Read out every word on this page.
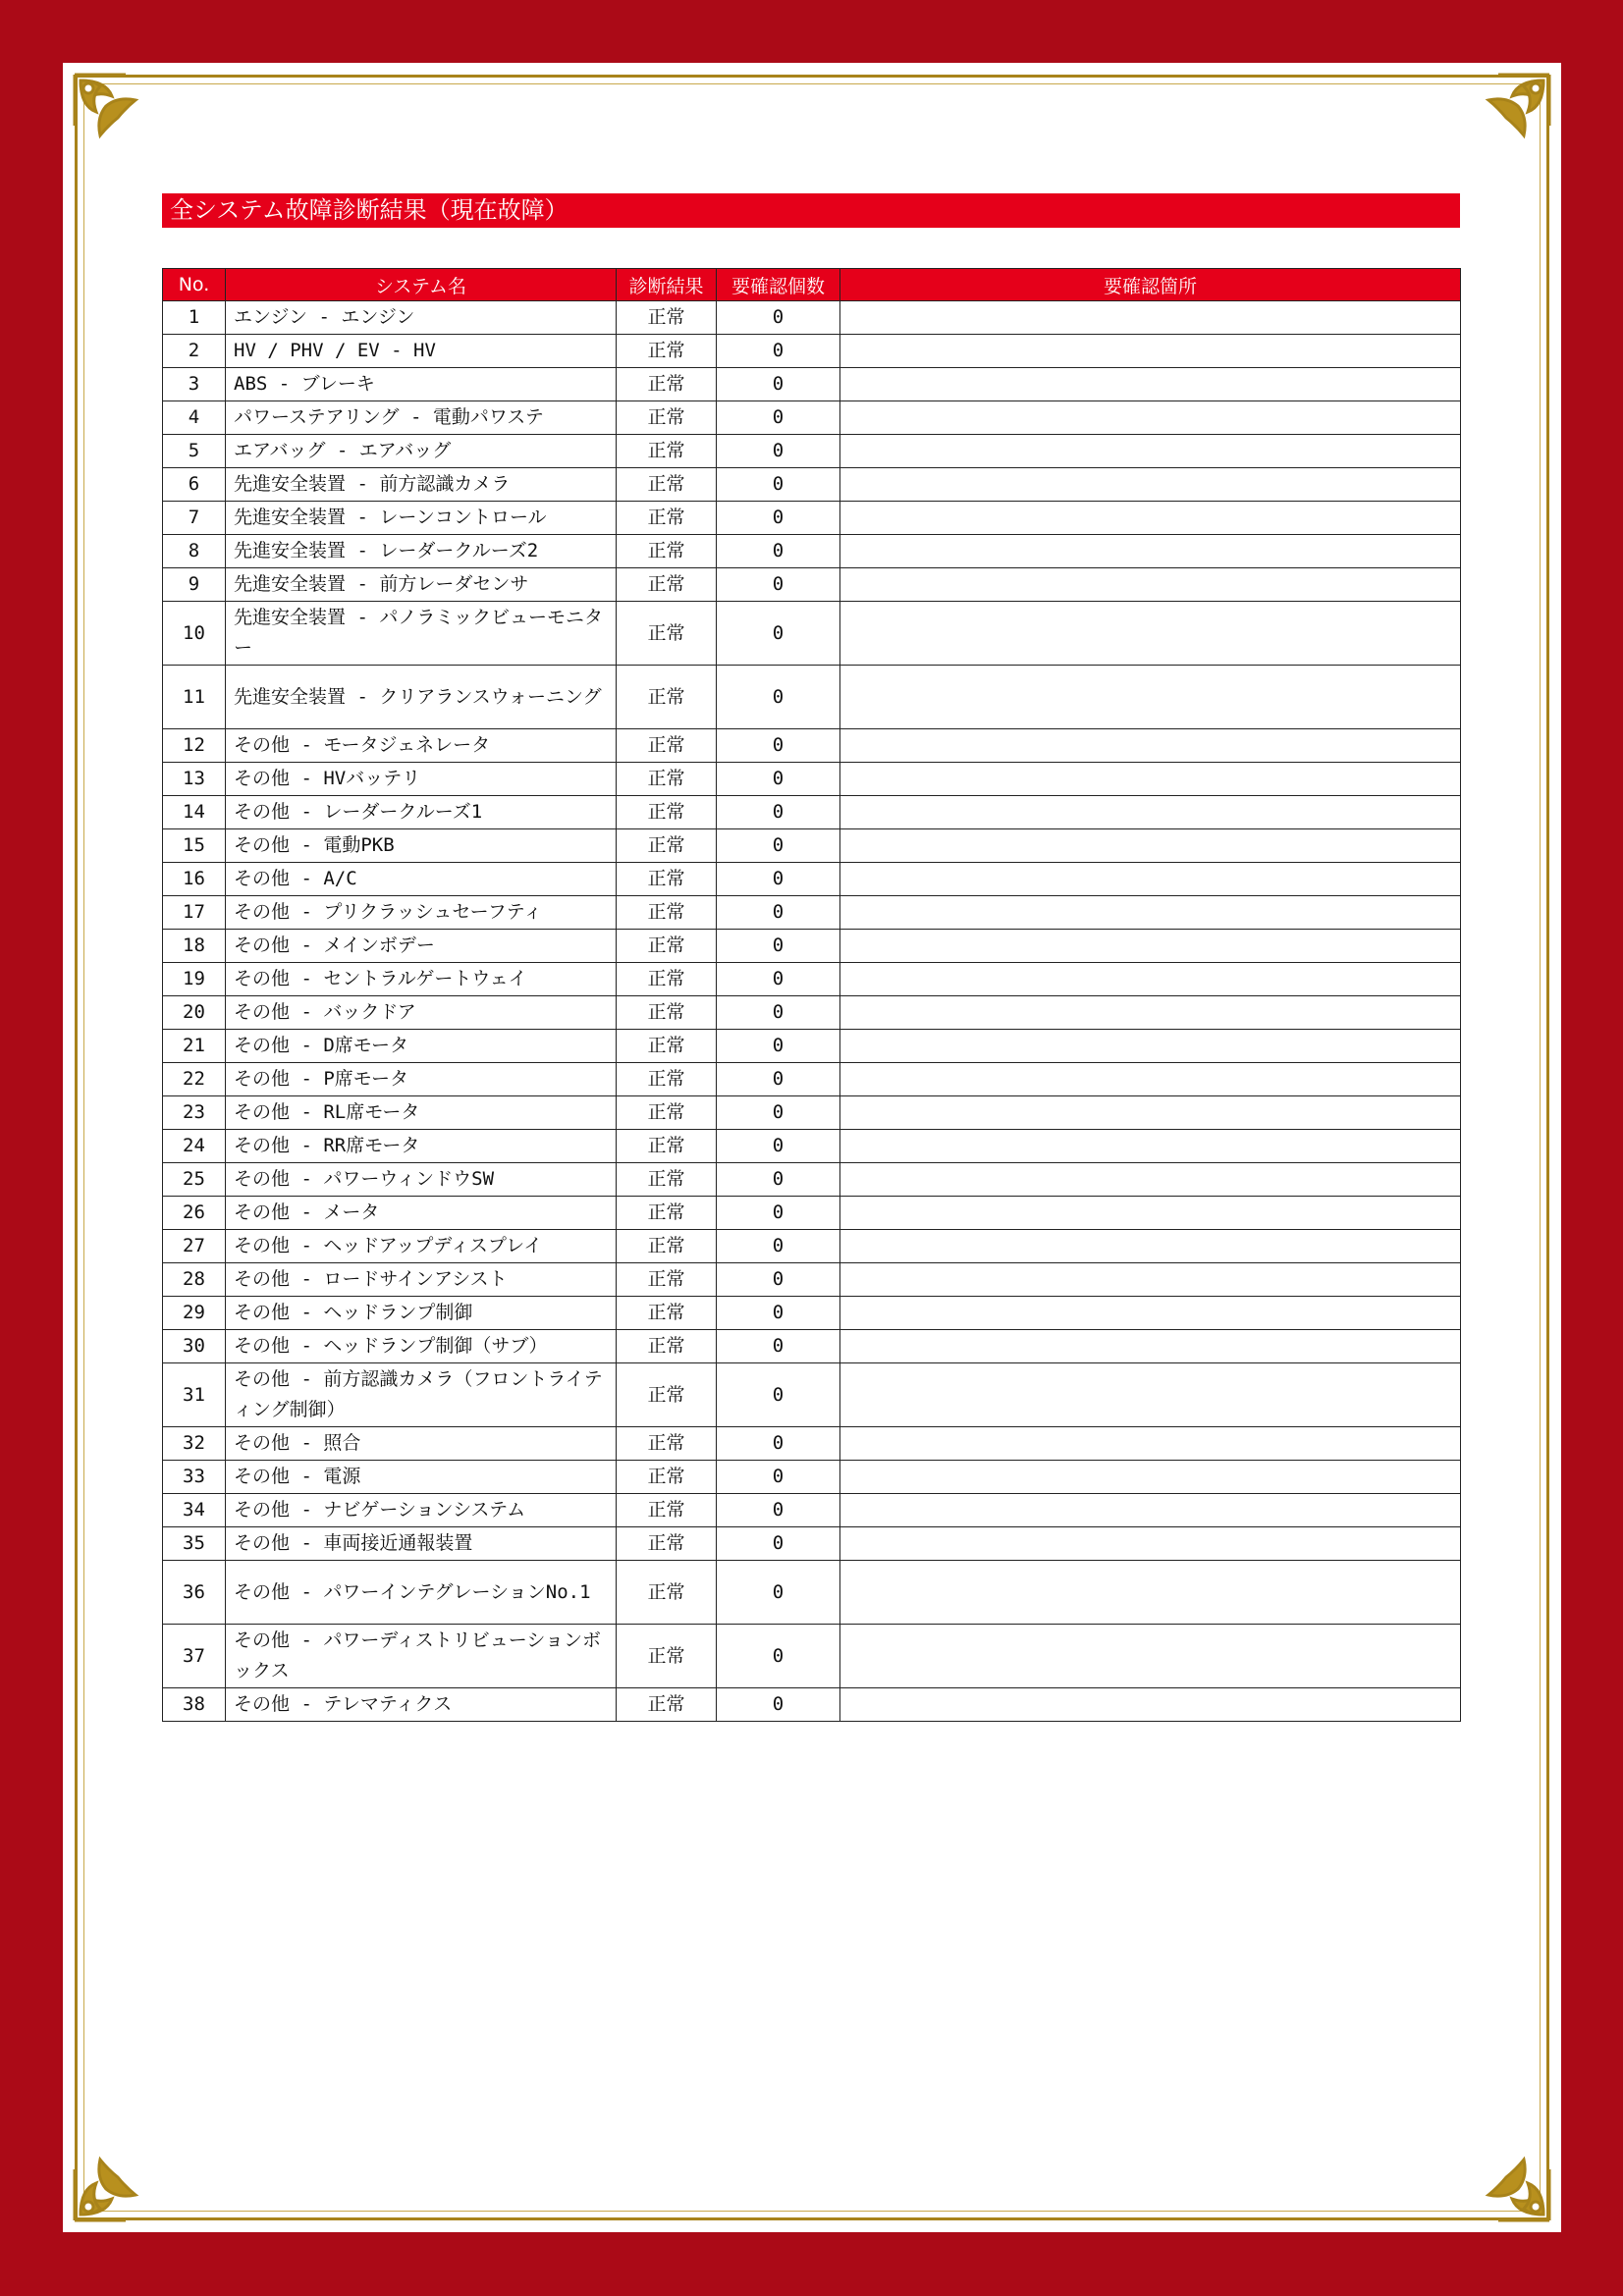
全システム故障診断結果（現在故障）
No.	システム名	診断結果	要確認個数	要確認箇所
1	エンジン - エンジン	正常	0	
2	HV / PHV / EV - HV	正常	0	
3	ABS - ブレーキ	正常	0	
4	パワーステアリング - 電動パワステ	正常	0	
5	エアバッグ - エアバッグ	正常	0	
6	先進安全装置 - 前方認識カメラ	正常	0	
7	先進安全装置 - レーンコントロール	正常	0	
8	先進安全装置 - レーダークルーズ2	正常	0	
9	先進安全装置 - 前方レーダセンサ	正常	0	
10	先進安全装置 - パノラミックビューモニター	正常	0	
11	先進安全装置 - クリアランスウォーニング	正常	0	
12	その他 - モータジェネレータ	正常	0	
13	その他 - HVバッテリ	正常	0	
14	その他 - レーダークルーズ1	正常	0	
15	その他 - 電動PKB	正常	0	
16	その他 - A/C	正常	0	
17	その他 - プリクラッシュセーフティ	正常	0	
18	その他 - メインボデー	正常	0	
19	その他 - セントラルゲートウェイ	正常	0	
20	その他 - バックドア	正常	0	
21	その他 - D席モータ	正常	0	
22	その他 - P席モータ	正常	0	
23	その他 - RL席モータ	正常	0	
24	その他 - RR席モータ	正常	0	
25	その他 - パワーウィンドウSW	正常	0	
26	その他 - メータ	正常	0	
27	その他 - ヘッドアップディスプレイ	正常	0	
28	その他 - ロードサインアシスト	正常	0	
29	その他 - ヘッドランプ制御	正常	0	
30	その他 - ヘッドランプ制御（サブ）	正常	0	
31	その他 - 前方認識カメラ（フロントライティング制御）	正常	0	
32	その他 - 照合	正常	0	
33	その他 - 電源	正常	0	
34	その他 - ナビゲーションシステム	正常	0	
35	その他 - 車両接近通報装置	正常	0	
36	その他 - パワーインテグレーションNo.1	正常	0	
37	その他 - パワーディストリビューションボックス	正常	0	
38	その他 - テレマティクス	正常	0	
